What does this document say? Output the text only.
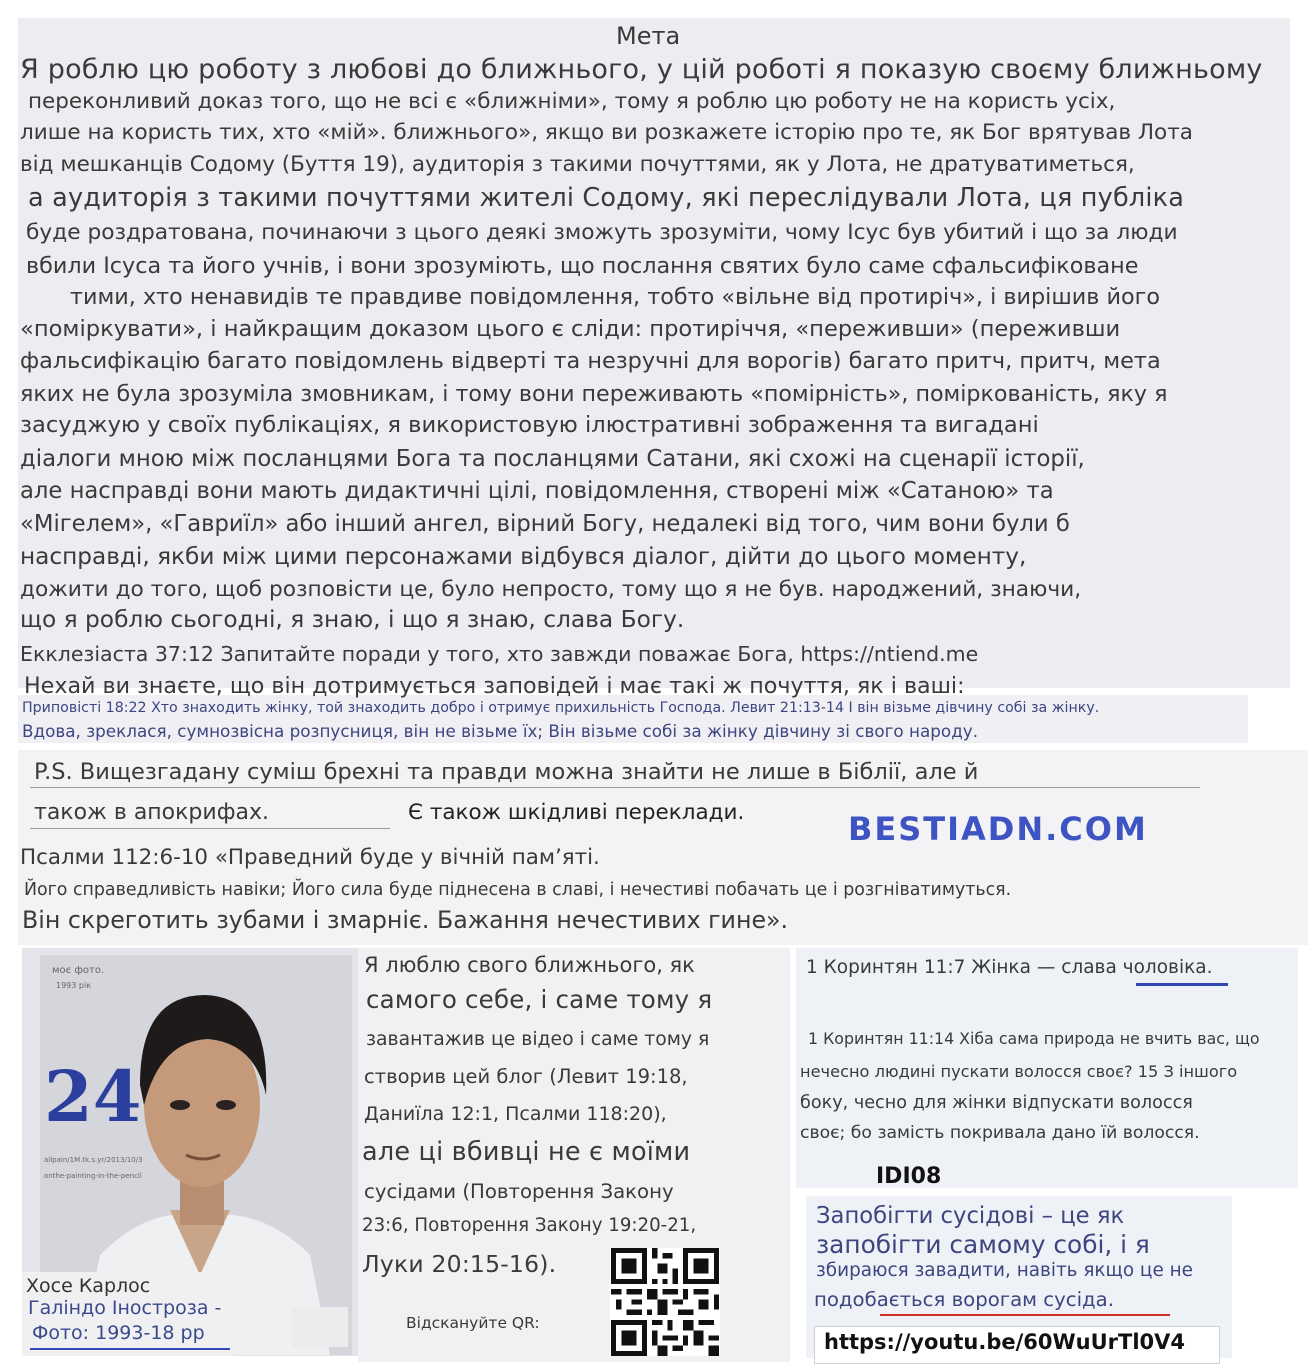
Мета
Я роблю цю роботу з любові до ближнього, у цій роботі я показую своєму ближньому
переконливий доказ того, що не всі є «ближніми», тому я роблю цю роботу не на користь усіх,
лише на користь тих, хто «мій». ближнього», якщо ви розкажете історію про те, як Бог врятував Лота
від мешканців Содому (Буття 19), аудиторія з такими почуттями, як у Лота, не дратуватиметься,
а аудиторія з такими почуттями жителі Содому, які переслідували Лота, ця публіка
буде роздратована, починаючи з цього деякі зможуть зрозуміти, чому Ісус був убитий і що за люди
вбили Ісуса та його учнів, і вони зрозуміють, що послання святих було саме сфальсифіковане
тими, хто ненавидів те правдиве повідомлення, тобто «вільне від протиріч», і вирішив його
«поміркувати», і найкращим доказом цього є сліди: протиріччя, «переживши» (переживши
фальсифікацію багато повідомлень відверті та незручні для ворогів) багато притч, притч, мета
яких не була зрозуміла змовникам, і тому вони переживають «помірність», поміркованість, яку я
засуджую у своїх публікаціях, я використовую ілюстративні зображення та вигадані
діалоги мною між посланцями Бога та посланцями Сатани, які схожі на сценарії історії,
але насправді вони мають дидактичні цілі, повідомлення, створені між «Сатаною» та
«Мігелем», «Гавриїл» або інший ангел, вірний Богу, недалекі від того, чим вони були б
насправді, якби між цими персонажами відбувся діалог, дійти до цього моменту,
дожити до того, щоб розповісти це, було непросто, тому що я не був. народжений, знаючи,
що я роблю сьогодні, я знаю, і що я знаю, слава Богу.
Екклезіаста 37:12 Запитайте поради у того, хто завжди поважає Бога, https://ntiend.me
Нехай ви знаєте, що він дотримується заповідей і має такі ж почуття, як і ваші:
Приповісті 18:22 Хто знаходить жінку, той знаходить добро і отримує прихильність Господа. Левит 21:13-14 І він візьме дівчину собі за жінку.
Вдова, зреклася, сумнозвісна розпусниця, він не візьме їх; Він візьме собі за жінку дівчину зі свого народу.
P.S. Вищезгадану суміш брехні та правди можна знайти не лише в Біблії, але й
також в апокрифах.	Є також шкідливі переклади.	BESTIADN.COM
Псалми 112:6-10 «Праведний буде у вічній пам’яті.
Його справедливість навіки; Його сила буде піднесена в славі, і нечестиві побачать це і розгніватимуться.
Він скреготить зубами і змарніє. Бажання нечестивих гине».
моє фото.
1993 рік
24
allpain/1M.tk.s.yr/2013/10/3
onthe-painting-in-the-pencil
Хосе Карлос
Галіндо Іностроза -
Фото: 1993-18 рр
Я люблю свого ближнього, як
самого себе, і саме тому я
завантажив це відео і саме тому я
створив цей блог (Левит 19:18,
Даниїла 12:1, Псалми 118:20),
але ці вбивці не є моїми
сусідами (Повторення Закону
23:6, Повторення Закону 19:20-21,
Луки 20:15-16).
Відскануйте QR:
1 Коринтян 11:7 Жінка — слава чоловіка.
1 Коринтян 11:14 Хіба сама природа не вчить вас, що
нечесно людині пускати волосся своє? 15 З іншого
боку, чесно для жінки відпускати волосся
своє; бо замість покривала дано їй волосся.
IDI08
Запобігти сусідові – це як
запобігти самому собі, і я
збираюся завадити, навіть якщо це не
подобається ворогам сусіда.
https://youtu.be/60WuUrTl0V4
